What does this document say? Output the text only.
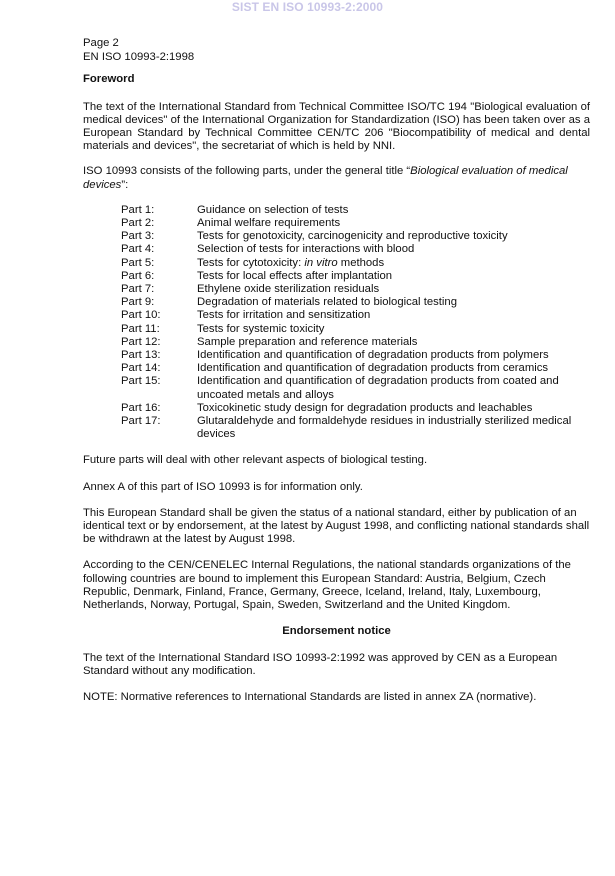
SIST EN ISO 10993-2:2000
Page 2
EN ISO 10993-2:1998
Foreword

The text of the International Standard from Technical Committee ISO/TC 194 "Biological evaluation of medical devices" of the International Organization for Standardization (ISO) has been taken over as a European Standard by Technical Committee CEN/TC 206 "Biocompatibility of medical and dental materials and devices", the secretariat of which is held by NNI.

ISO 10993 consists of the following parts, under the general title “Biological evaluation of medical devices”:

Part 1:	Guidance on selection of tests
Part 2:	Animal welfare requirements
Part 3:	Tests for genotoxicity, carcinogenicity and reproductive toxicity
Part 4:	Selection of tests for interactions with blood
Part 5:	Tests for cytotoxicity: in vitro methods
Part 6:	Tests for local effects after implantation
Part 7:	Ethylene oxide sterilization residuals
Part 9:	Degradation of materials related to biological testing
Part 10:	Tests for irritation and sensitization
Part 11:	Tests for systemic toxicity
Part 12:	Sample preparation and reference materials
Part 13:	Identification and quantification of degradation products from polymers
Part 14:	Identification and quantification of degradation products from ceramics
Part 15:	Identification and quantification of degradation products from coated and uncoated metals and alloys
Part 16:	Toxicokinetic study design for degradation products and leachables
Part 17:	Glutaraldehyde and formaldehyde residues in industrially sterilized medical devices

Future parts will deal with other relevant aspects of biological testing.

Annex A of this part of ISO 10993 is for information only.

This European Standard shall be given the status of a national standard, either by publication of an identical text or by endorsement, at the latest by August 1998, and conflicting national standards shall be withdrawn at the latest by August 1998.

According to the CEN/CENELEC Internal Regulations, the national standards organizations of the following countries are bound to implement this European Standard: Austria, Belgium, Czech Republic, Denmark, Finland, France, Germany, Greece, Iceland, Ireland, Italy, Luxembourg, Netherlands, Norway, Portugal, Spain, Sweden, Switzerland and the United Kingdom.

Endorsement notice

The text of the International Standard ISO 10993-2:1992 was approved by CEN as a European Standard without any modification.

NOTE: Normative references to International Standards are listed in annex ZA (normative).
